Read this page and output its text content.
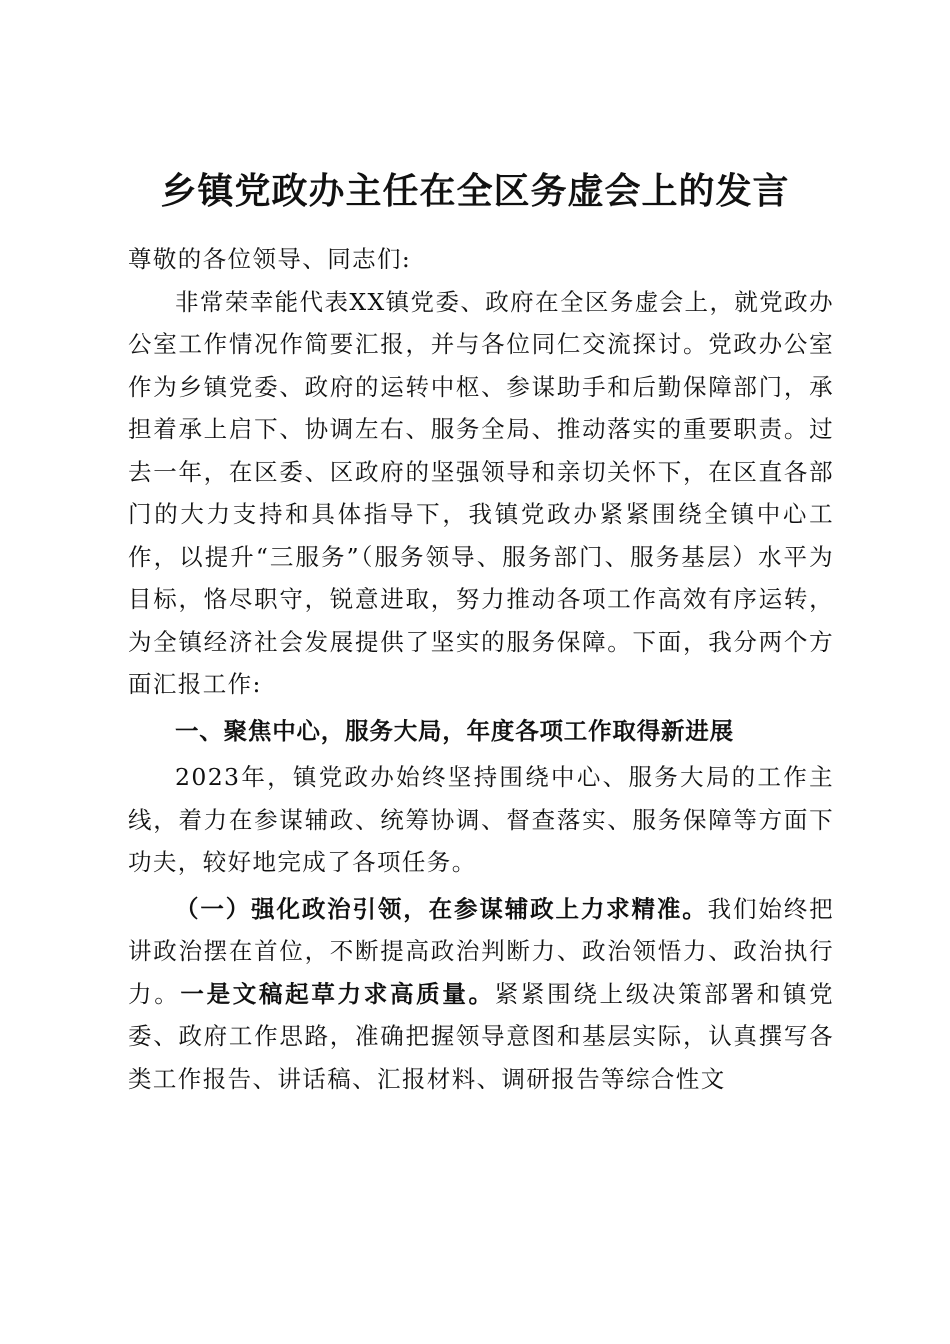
乡镇党政办主任在全区务虚会上的发言

尊敬的各位领导、同志们:

非常荣幸能代表XX镇党委、政府在全区务虚会上，就党政办公室工作情况作简要汇报，并与各位同仁交流探讨。党政办公室作为乡镇党委、政府的运转中枢、参谋助手和后勤保障部门，承担着承上启下、协调左右、服务全局、推动落实的重要职责。过去一年，在区委、区政府的坚强领导和亲切关怀下，在区直各部门的大力支持和具体指导下，我镇党政办紧紧围绕全镇中心工作，以提升“三服务”（服务领导、服务部门、服务基层）水平为目标，恪尽职守，锐意进取，努力推动各项工作高效有序运转，为全镇经济社会发展提供了坚实的服务保障。下面，我分两个方面汇报工作:

一、聚焦中心，服务大局，年度各项工作取得新进展

2023年，镇党政办始终坚持围绕中心、服务大局的工作主线，着力在参谋辅政、统筹协调、督查落实、服务保障等方面下功夫，较好地完成了各项任务。

（一）强化政治引领，在参谋辅政上力求精准。我们始终把讲政治摆在首位，不断提高政治判断力、政治领悟力、政治执行力。一是文稿起草力求高质量。紧紧围绕上级决策部署和镇党委、政府工作思路，准确把握领导意图和基层实际，认真撰写各类工作报告、讲话稿、汇报材料、调研报告等综合性文
